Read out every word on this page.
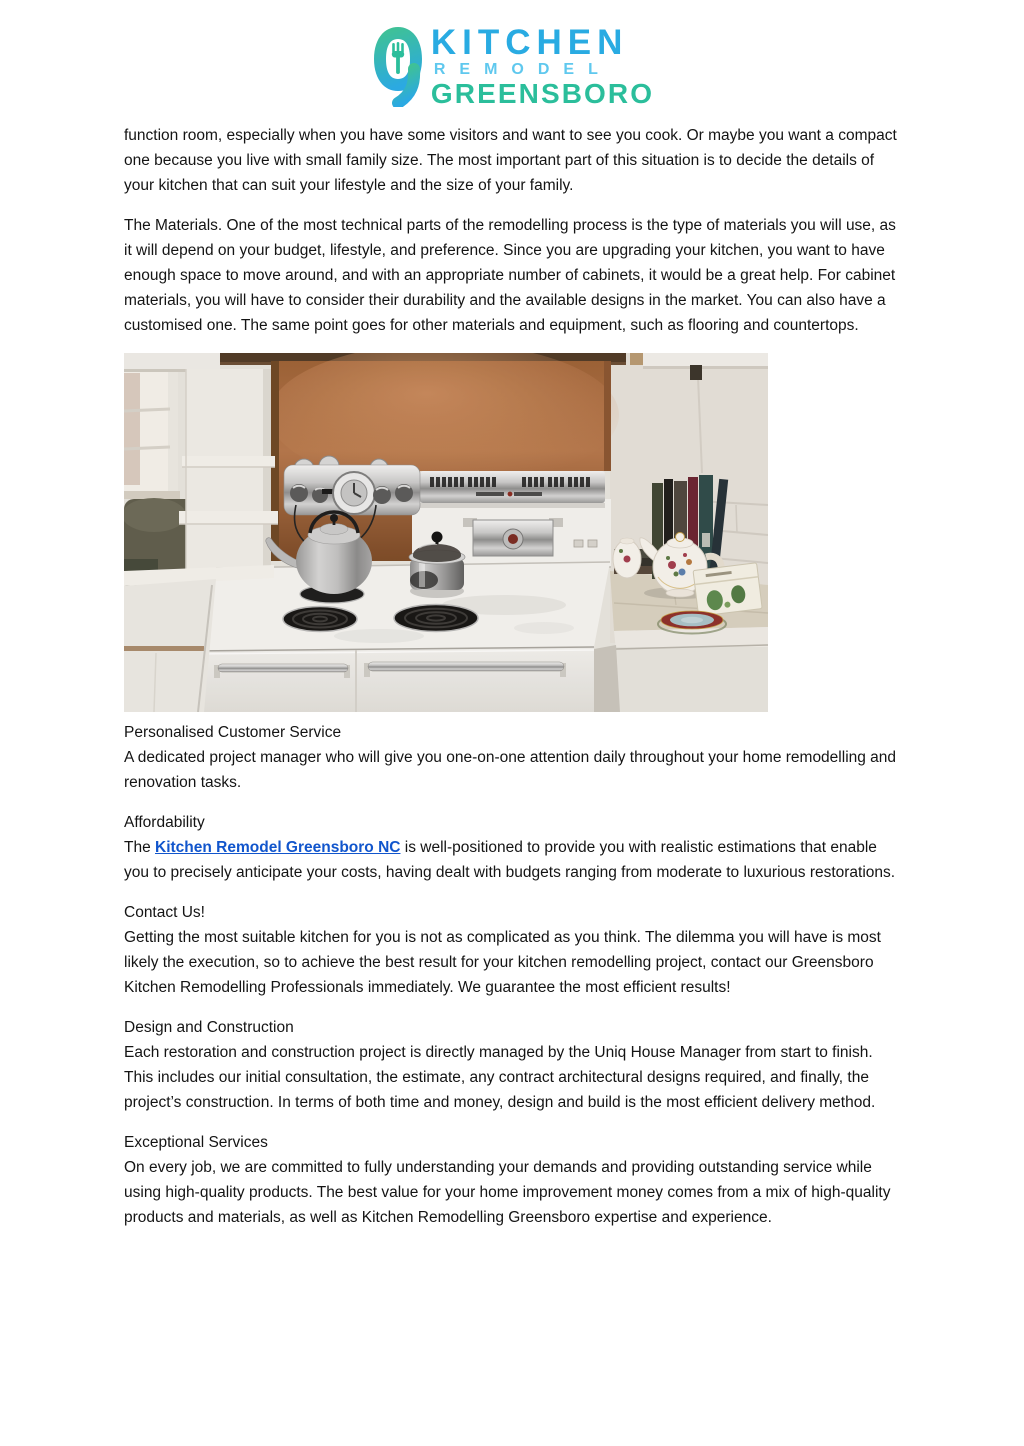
KITCHEN
REMODEL
GREENSBORO

function room, especially when you have some visitors and want to see you cook. Or maybe you want a compact one because you live with small family size. The most important part of this situation is to decide the details of your kitchen that can suit your lifestyle and the size of your family.

The Materials. One of the most technical parts of the remodelling process is the type of materials you will use, as it will depend on your budget, lifestyle, and preference. Since you are upgrading your kitchen, you want to have enough space to move around, and with an appropriate number of cabinets, it would be a great help. For cabinet materials, you will have to consider their durability and the available designs in the market. You can also have a customised one. The same point goes for other materials and equipment, such as flooring and countertops.

Personalised Customer Service
A dedicated project manager who will give you one-on-one attention daily throughout your home remodelling and renovation tasks.
Affordability
The Kitchen Remodel Greensboro NC is well-positioned to provide you with realistic estimations that enable you to precisely anticipate your costs, having dealt with budgets ranging from moderate to luxurious restorations.
Contact Us!
Getting the most suitable kitchen for you is not as complicated as you think. The dilemma you will have is most likely the execution, so to achieve the best result for your kitchen remodelling project, contact our Greensboro Kitchen Remodelling Professionals immediately. We guarantee the most efficient results!
Design and Construction
Each restoration and construction project is directly managed by the Uniq House Manager from start to finish. This includes our initial consultation, the estimate, any contract architectural designs required, and finally, the project’s construction. In terms of both time and money, design and build is the most efficient delivery method.
Exceptional Services
On every job, we are committed to fully understanding your demands and providing outstanding service while using high-quality products. The best value for your home improvement money comes from a mix of high-quality products and materials, as well as Kitchen Remodelling Greensboro expertise and experience.
